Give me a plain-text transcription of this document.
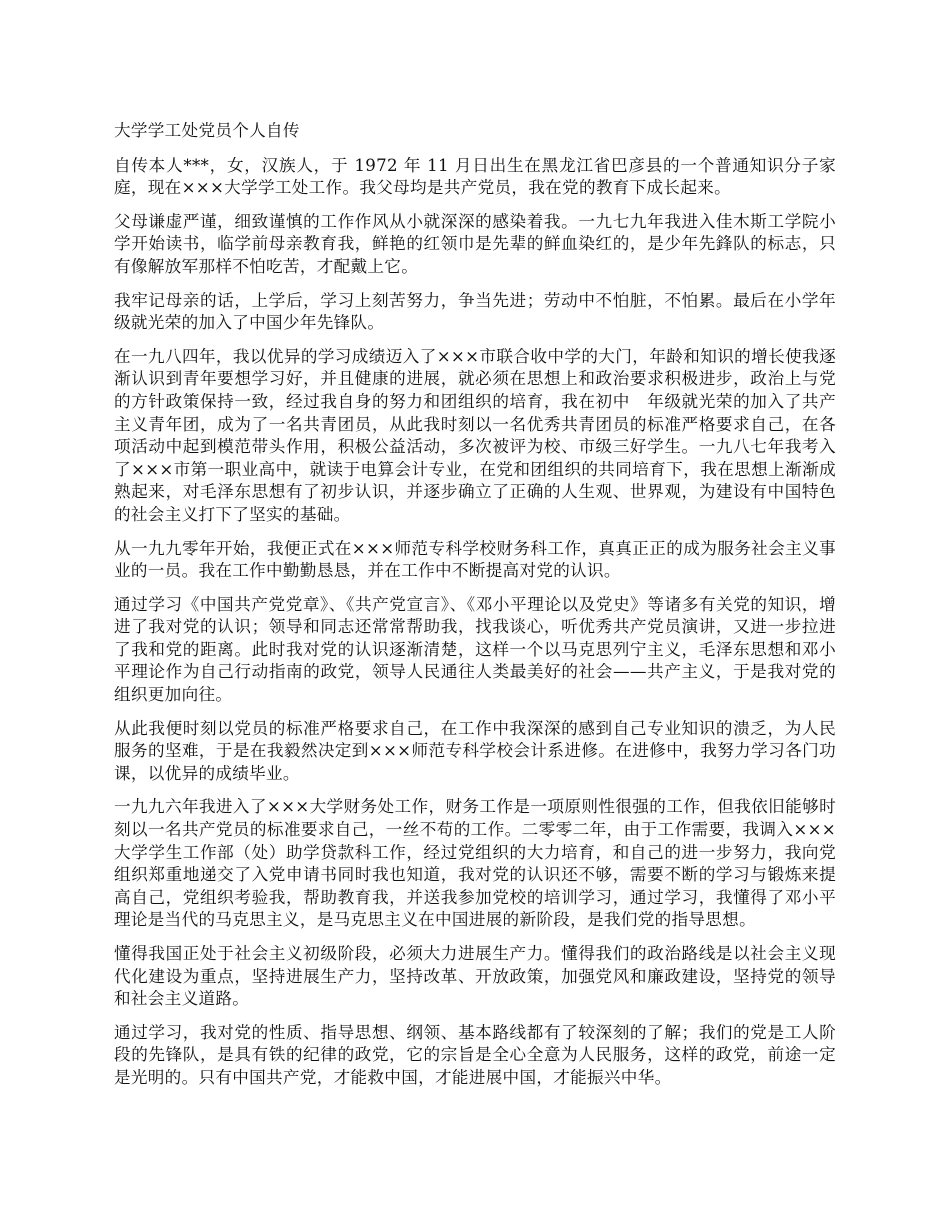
大学学工处党员个人自传

自传本人***，女，汉族人，于 1972 年 11 月日出生在黑龙江省巴彦县的一个普通知识分子家庭，现在×××大学学工处工作。我父母均是共产党员，我在党的教育下成长起来。

父母谦虚严谨，细致谨慎的工作作风从小就深深的感染着我。一九七九年我进入佳木斯工学院小学开始读书，临学前母亲教育我，鲜艳的红领巾是先辈的鲜血染红的，是少年先鋒队的标志，只有像解放军那样不怕吃苦，才配戴上它。

我牢记母亲的话，上学后，学习上刻苦努力，争当先进；劳动中不怕脏，不怕累。最后在小学年级就光荣的加入了中国少年先锋队。

在一九八四年，我以优异的学习成绩迈入了×××市联合收中学的大门，年龄和知识的增长使我逐渐认识到青年要想学习好，并且健康的进展，就必须在思想上和政治要求积极进步，政治上与党的方针政策保持一致，经过我自身的努力和团组织的培育，我在初中　年级就光荣的加入了共产主义青年团，成为了一名共青团员，从此我时刻以一名优秀共青团员的标准严格要求自己，在各项活动中起到模范带头作用，积极公益活动，多次被评为校、市级三好学生。一九八七年我考入了×××市第一职业高中，就读于电算会计专业，在党和团组织的共同培育下，我在思想上渐渐成熟起来，对毛泽东思想有了初步认识，并逐步确立了正确的人生观、世界观，为建设有中国特色的社会主义打下了坚实的基础。

从一九九零年开始，我便正式在×××师范专科学校财务科工作，真真正正的成为服务社会主义事业的一员。我在工作中勤勤恳恳，并在工作中不断提高对党的认识。

通过学习《中国共产党党章》、《共产党宣言》、《邓小平理论以及党史》等诸多有关党的知识，增进了我对党的认识；领导和同志还常常帮助我，找我谈心，听优秀共产党员演讲，又进一步拉进了我和党的距离。此时我对党的认识逐渐清楚，这样一个以马克思列宁主义，毛泽东思想和邓小平理论作为自己行动指南的政党，领导人民通往人类最美好的社会——共产主义，于是我对党的组织更加向往。

从此我便时刻以党员的标准严格要求自己，在工作中我深深的感到自己专业知识的溃乏，为人民服务的坚难，于是在我毅然决定到×××师范专科学校会计系进修。在进修中，我努力学习各门功课，以优异的成绩毕业。

一九九六年我进入了×××大学财务处工作，财务工作是一项原则性很强的工作，但我依旧能够时刻以一名共产党员的标准要求自己，一丝不苟的工作。二零零二年，由于工作需要，我调入×××大学学生工作部（处）助学贷款科工作，经过党组织的大力培育，和自己的进一步努力，我向党组织郑重地递交了入党申请书同时我也知道，我对党的认识还不够，需要不断的学习与锻炼来提高自己，党组织考验我，帮助教育我，并送我参加党校的培训学习，通过学习，我懂得了邓小平理论是当代的马克思主义，是马克思主义在中国进展的新阶段，是我们党的指导思想。

懂得我国正处于社会主义初级阶段，必须大力进展生产力。懂得我们的政治路线是以社会主义现代化建设为重点，坚持进展生产力，坚持改革、开放政策，加强党风和廉政建设，坚持党的领导和社会主义道路。

通过学习，我对党的性质、指导思想、纲领、基本路线都有了较深刻的了解；我们的党是工人阶段的先锋队，是具有铁的纪律的政党，它的宗旨是全心全意为人民服务，这样的政党，前途一定是光明的。只有中国共产党，才能救中国，才能进展中国，才能振兴中华。
